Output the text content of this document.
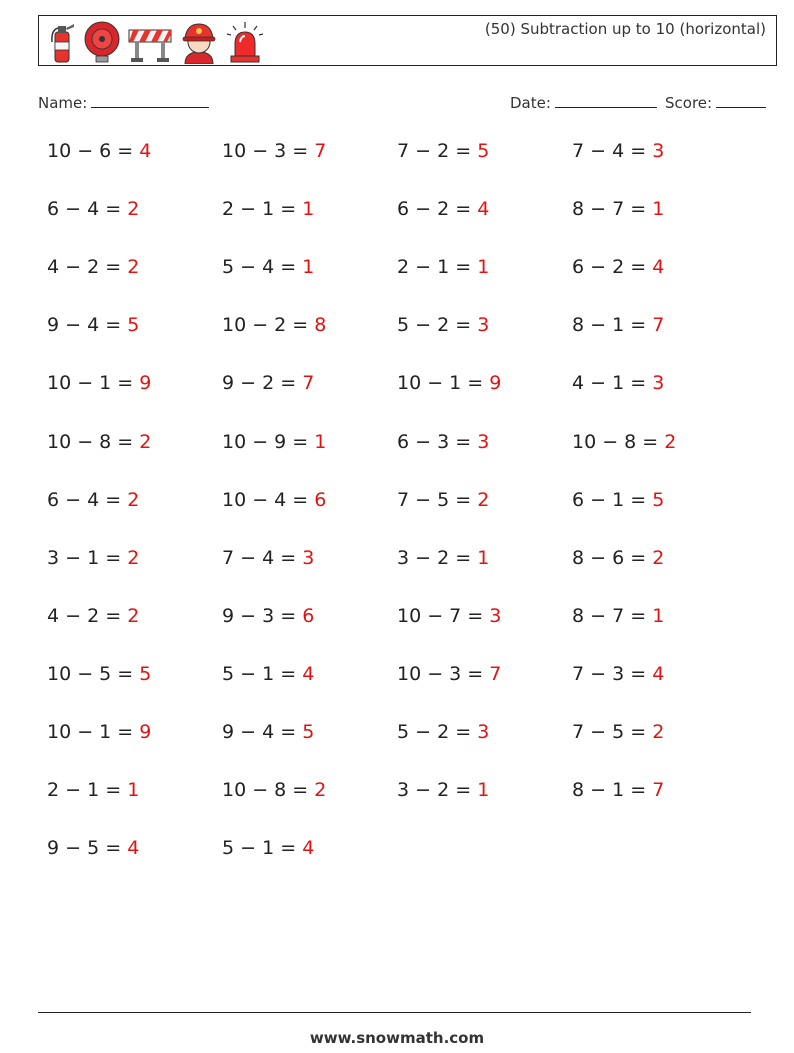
(50) Subtraction up to 10 (horizontal)
Name:	Date:	Score:
10 − 6 = 4	10 − 3 = 7	7 − 2 = 5	7 − 4 = 3
6 − 4 = 2	2 − 1 = 1	6 − 2 = 4	8 − 7 = 1
4 − 2 = 2	5 − 4 = 1	2 − 1 = 1	6 − 2 = 4
9 − 4 = 5	10 − 2 = 8	5 − 2 = 3	8 − 1 = 7
10 − 1 = 9	9 − 2 = 7	10 − 1 = 9	4 − 1 = 3
10 − 8 = 2	10 − 9 = 1	6 − 3 = 3	10 − 8 = 2
6 − 4 = 2	10 − 4 = 6	7 − 5 = 2	6 − 1 = 5
3 − 1 = 2	7 − 4 = 3	3 − 2 = 1	8 − 6 = 2
4 − 2 = 2	9 − 3 = 6	10 − 7 = 3	8 − 7 = 1
10 − 5 = 5	5 − 1 = 4	10 − 3 = 7	7 − 3 = 4
10 − 1 = 9	9 − 4 = 5	5 − 2 = 3	7 − 5 = 2
2 − 1 = 1	10 − 8 = 2	3 − 2 = 1	8 − 1 = 7
9 − 5 = 4	5 − 1 = 4
www.snowmath.com
